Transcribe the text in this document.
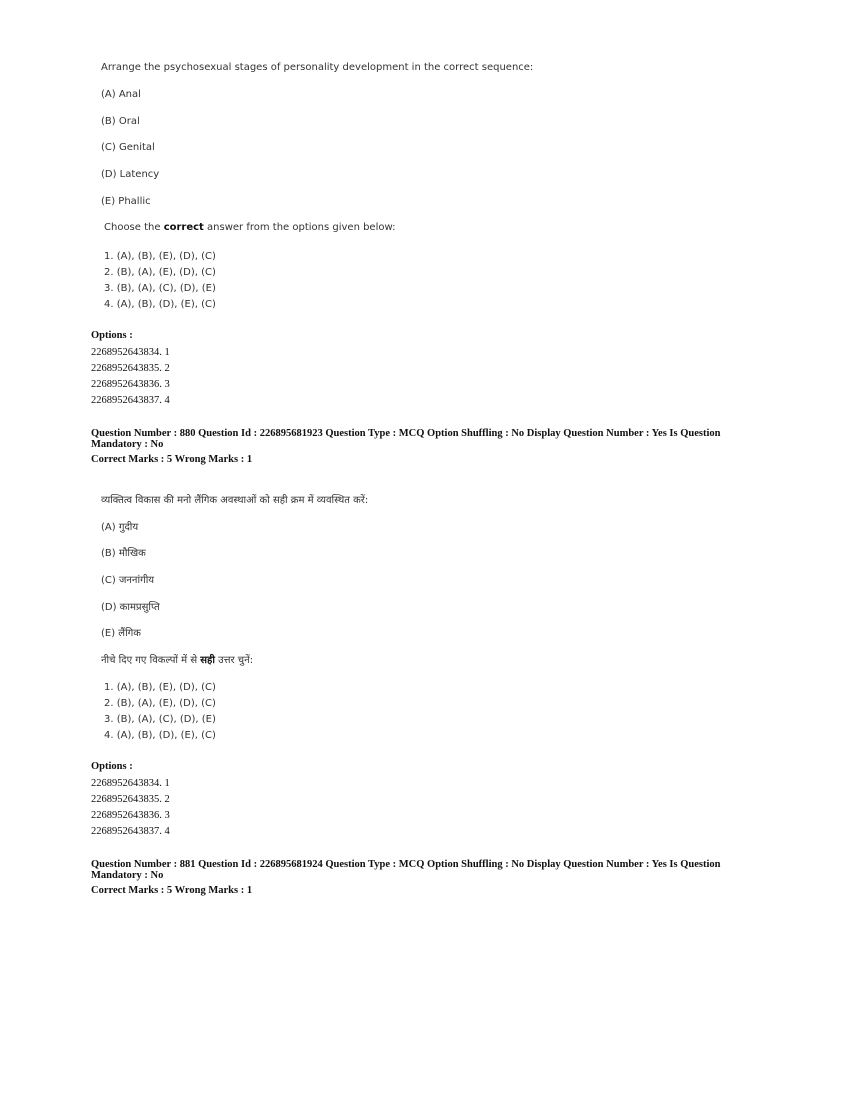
Arrange the psychosexual stages of personality development in the correct sequence:
(A) Anal
(B) Oral
(C) Genital
(D) Latency
(E) Phallic
Choose the correct answer from the options given below:
1. (A), (B), (E), (D), (C)
2. (B), (A), (E), (D), (C)
3. (B), (A), (C), (D), (E)
4. (A), (B), (D), (E), (C)
Options :
2268952643834. 1
2268952643835. 2
2268952643836. 3
2268952643837. 4
Question Number : 880 Question Id : 226895681923 Question Type : MCQ Option Shuffling : No Display Question Number : Yes Is Question
Mandatory : No
Correct Marks : 5 Wrong Marks : 1
व्यक्तित्व विकास की मनो लैंगिक अवस्थाओं को सही क्रम में व्यवस्थित करें:
(A) गुदीय
(B) मौखिक
(C) जननांगीय
(D) कामप्रसुप्ति
(E) लैंगिक
नीचे दिए गए विकल्पों में से सही उत्तर चुनें:
1. (A), (B), (E), (D), (C)
2. (B), (A), (E), (D), (C)
3. (B), (A), (C), (D), (E)
4. (A), (B), (D), (E), (C)
Options :
2268952643834. 1
2268952643835. 2
2268952643836. 3
2268952643837. 4
Question Number : 881 Question Id : 226895681924 Question Type : MCQ Option Shuffling : No Display Question Number : Yes Is Question
Mandatory : No
Correct Marks : 5 Wrong Marks : 1
